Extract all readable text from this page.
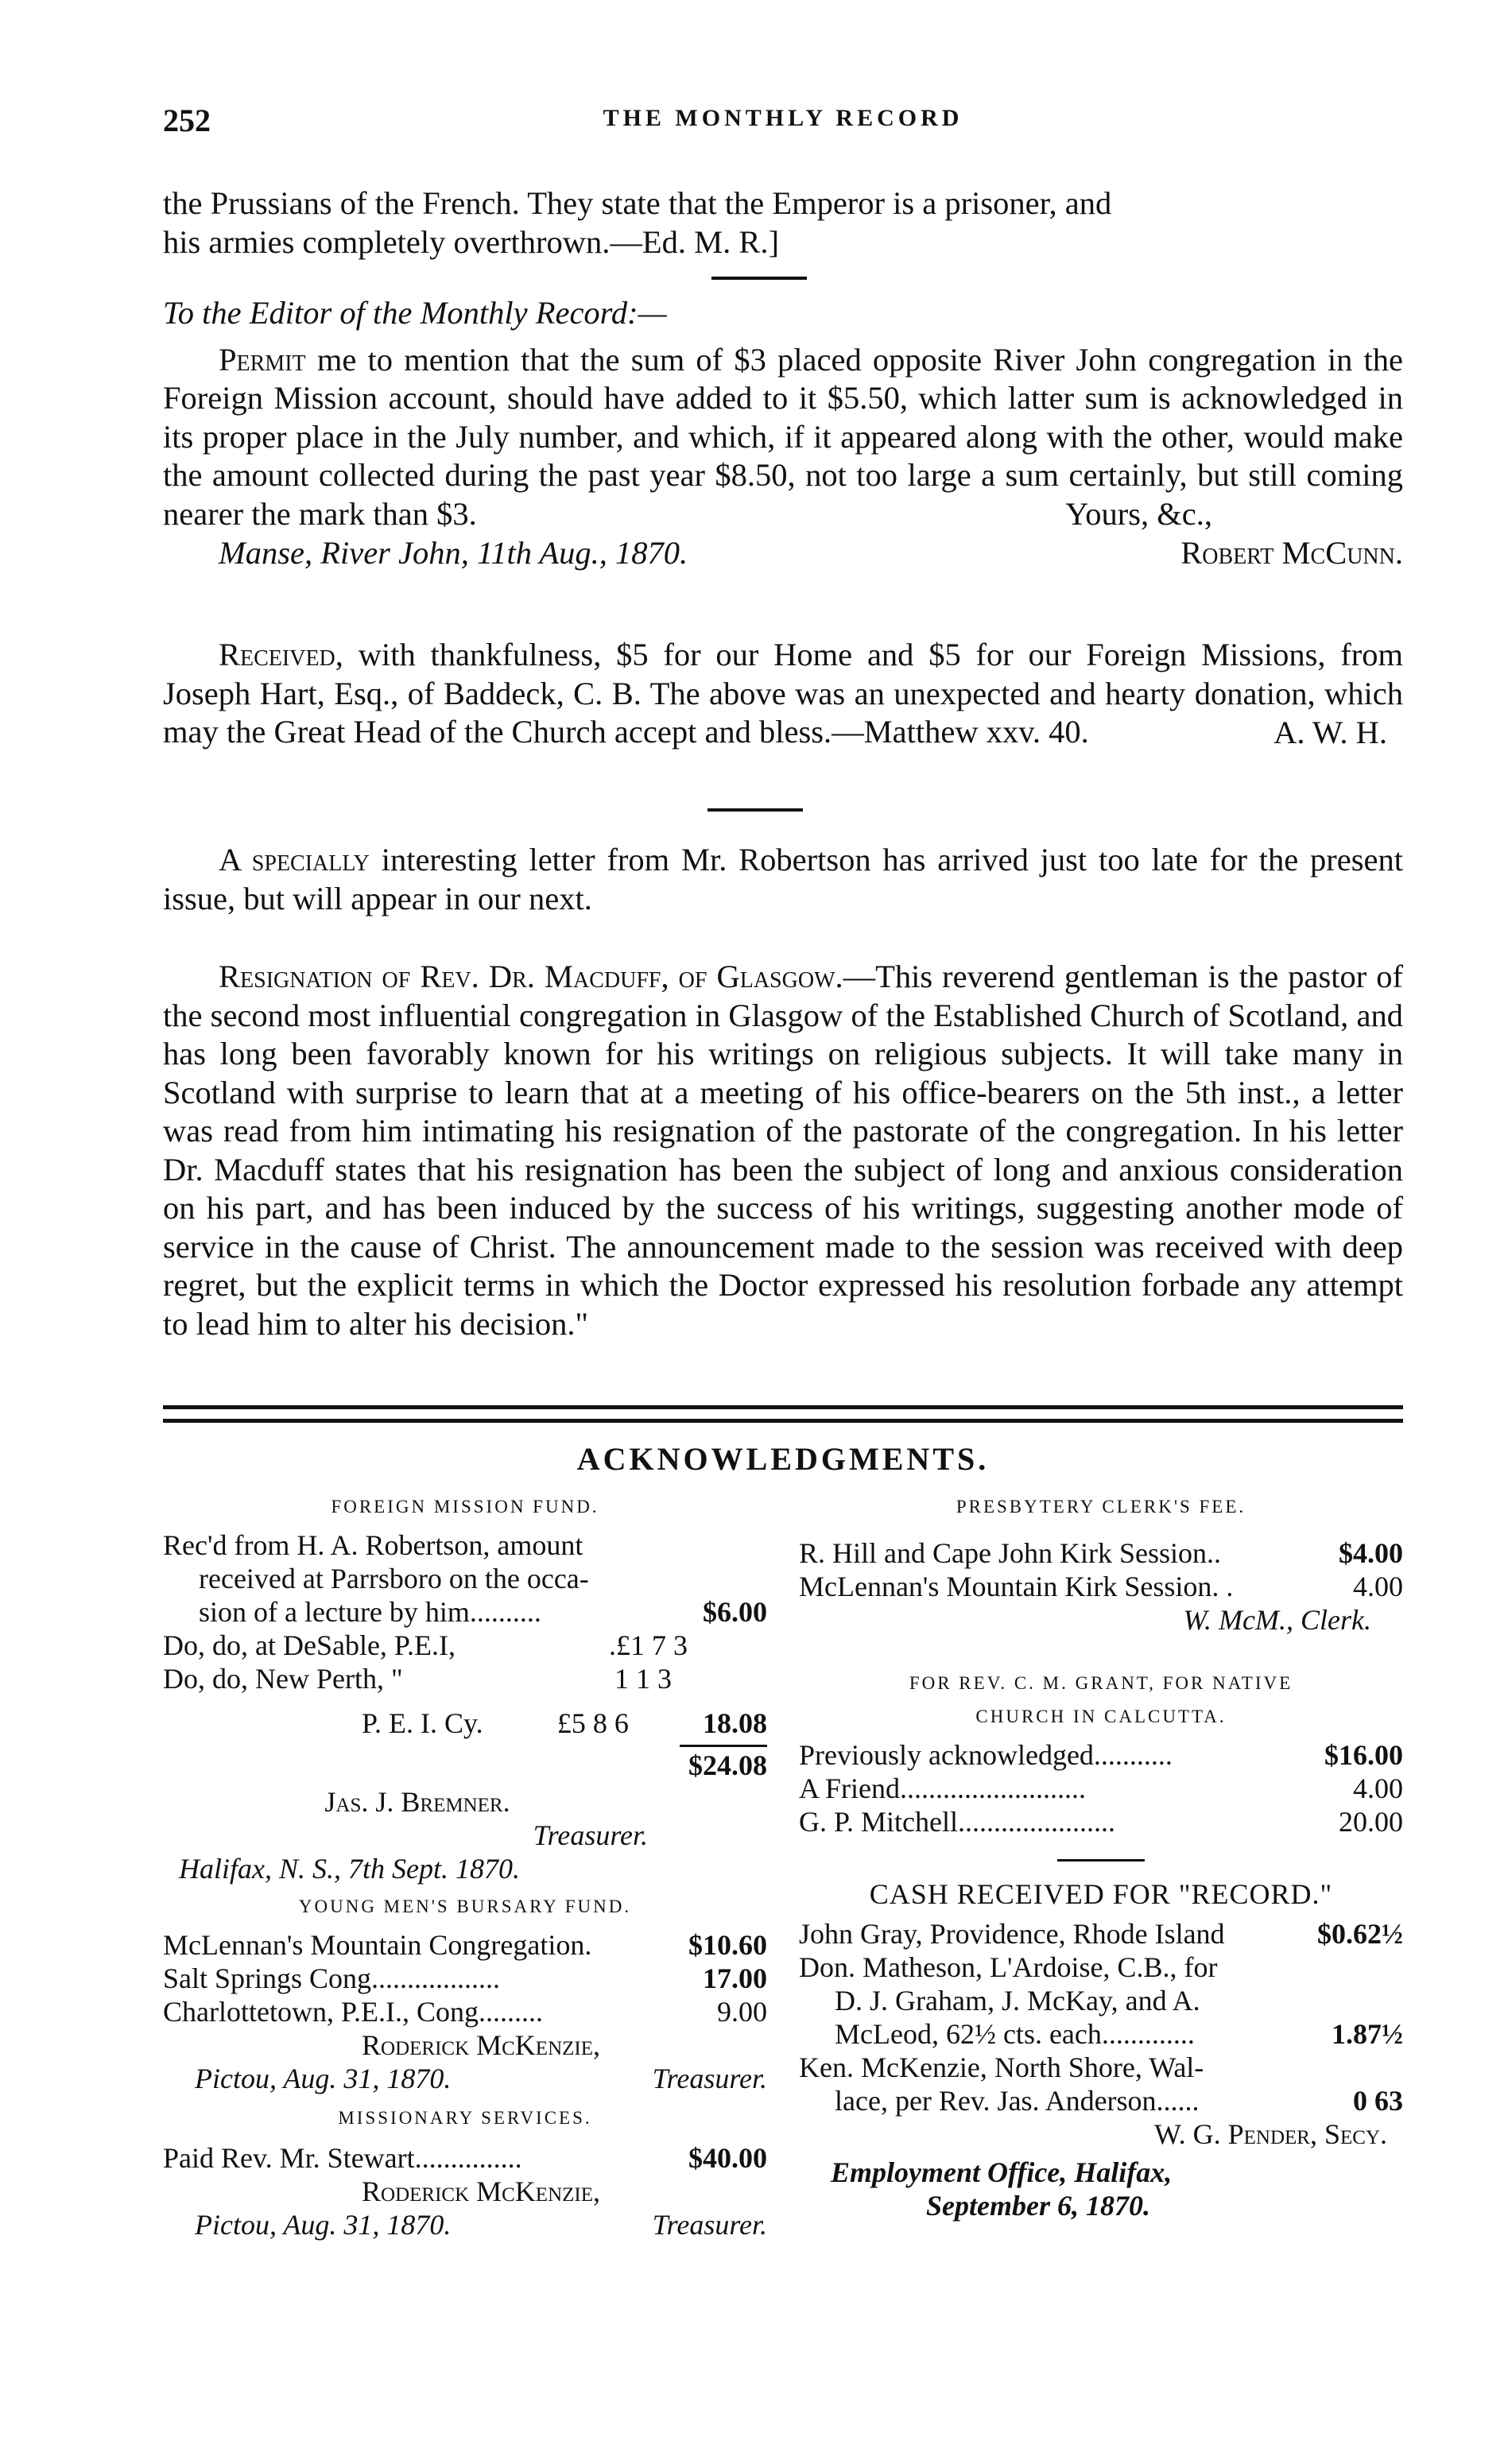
252	THE MONTHLY RECORD

the Prussians of the French. They state that the Emperor is a prisoner, and

his armies completely overthrown.—Ed. M. R.]

To the Editor of the Monthly Record:—

Permit me to mention that the sum of $3 placed opposite River John congregation in the Foreign Mission account, should have added to it $5.50, which latter sum is acknowledged in its proper place in the July number, and which, if it appeared along with the other, would make the amount collected during the past year $8.50, not too large a sum certainly, but still coming nearer the mark than $3.	Yours, &c.,
Manse, River John, 11th Aug., 1870.	Robert McCunn.

Received, with thankfulness, $5 for our Home and $5 for our Foreign Missions, from Joseph Hart, Esq., of Baddeck, C. B. The above was an unexpected and hearty donation, which may the Great Head of the Church accept and bless.—Matthew xxv. 40.	A. W. H.

A specially interesting letter from Mr. Robertson has arrived just too late for the present issue, but will appear in our next.

Resignation of Rev. Dr. Macduff, of Glasgow.—This reverend gentleman is the pastor of the second most influential congregation in Glasgow of the Established Church of Scotland, and has long been favorably known for his writings on religious subjects. It will take many in Scotland with surprise to learn that at a meeting of his office-bearers on the 5th inst., a letter was read from him intimating his resignation of the pastorate of the congregation. In his letter Dr. Macduff states that his resignation has been the subject of long and anxious consideration on his part, and has been induced by the success of his writings, suggesting another mode of service in the cause of Christ. The announcement made to the session was received with deep regret, but the explicit terms in which the Doctor expressed his resolution forbade any attempt to lead him to alter his decision."

ACKNOWLEDGMENTS.
FOREIGN MISSION FUND.
Rec'd from H. A. Robertson, amount
received at Parrsboro on the occa-
sion of a lecture by him..........	$6.00
Do, do, at DeSable, P.E.I,	.£1 7 3
Do, do, New Perth, "	1 1 3
P. E. I. Cy.	£5 8 6	18.08
$24.08
Jas. J. Bremner.
Treasurer.
Halifax, N. S., 7th Sept. 1870.
YOUNG MEN'S BURSARY FUND.
McLennan's Mountain Congregation.	$10.60
Salt Springs Cong..................	17.00
Charlottetown, P.E.I., Cong.........	9.00
Roderick McKenzie,
Pictou, Aug. 31, 1870.	Treasurer.
MISSIONARY SERVICES.
Paid Rev. Mr. Stewart...............	$40.00
Roderick McKenzie,
Pictou, Aug. 31, 1870.	Treasurer.
PRESBYTERY CLERK'S FEE.
R. Hill and Cape John Kirk Session..	$4.00
McLennan's Mountain Kirk Session. .	4.00
W. McM., Clerk.
FOR REV. C. M. GRANT, FOR NATIVE
CHURCH IN CALCUTTA.
Previously acknowledged...........	$16.00
A Friend..........................	4.00
G. P. Mitchell......................	20.00
CASH RECEIVED FOR "RECORD."
John Gray, Providence, Rhode Island	$0.62½
Don. Matheson, L'Ardoise, C.B., for
D. J. Graham, J. McKay, and A.
McLeod, 62½ cts. each.............	1.87½
Ken. McKenzie, North Shore, Wal-
lace, per Rev. Jas. Anderson......	0 63
W. G. Pender, Secy.
Employment Office, Halifax,
September 6, 1870.
